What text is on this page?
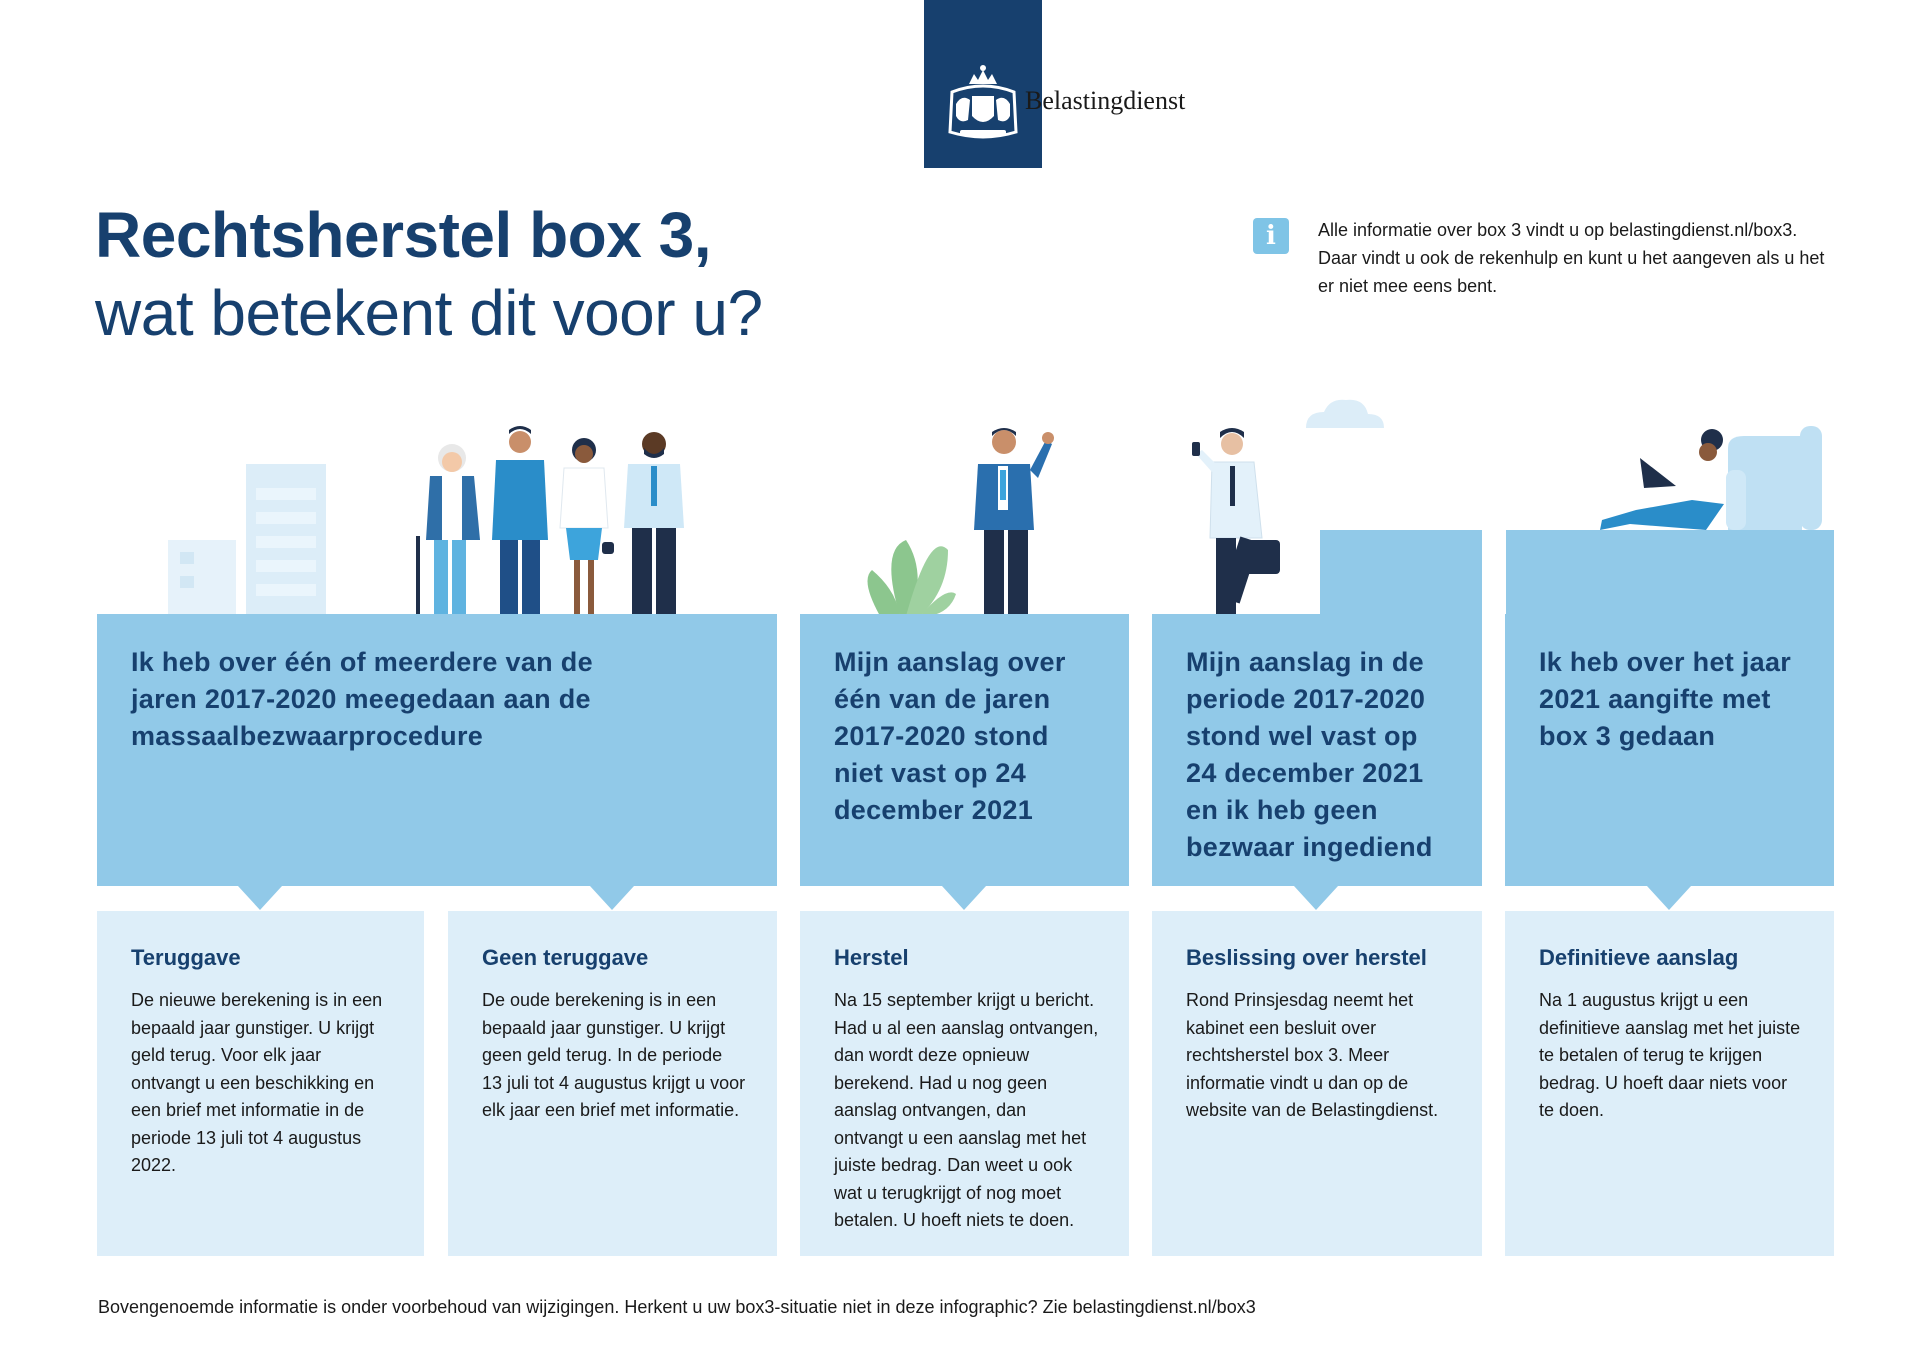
Belastingdienst
Rechtsherstel box 3,
wat betekent dit voor u?
i	Alle informatie over box 3 vindt u op belastingdienst.nl/box3. Daar vindt u ook de rekenhulp en kunt u het aangeven als u het er niet mee eens bent.
Ik heb over één of meerdere van de jaren 2017-2020 meegedaan aan de massaalbezwaarprocedure
Mijn aanslag over één van de jaren 2017-2020 stond niet vast op 24 december 2021
Mijn aanslag in de periode 2017-2020 stond wel vast op 24 december 2021 en ik heb geen bezwaar ingediend
Ik heb over het jaar 2021 aangifte met box 3 gedaan
Teruggave
De nieuwe berekening is in een bepaald jaar gunstiger. U krijgt geld terug. Voor elk jaar ontvangt u een beschikking en een brief met informatie in de periode 13 juli tot 4 augustus 2022.
Geen teruggave
De oude berekening is in een bepaald jaar gunstiger. U krijgt geen geld terug. In de periode 13 juli tot 4 augustus krijgt u voor elk jaar een brief met informatie.
Herstel
Na 15 september krijgt u bericht. Had u al een aanslag ontvangen, dan wordt deze opnieuw berekend. Had u nog geen aanslag ontvangen, dan ontvangt u een aanslag met het juiste bedrag. Dan weet u ook wat u terugkrijgt of nog moet betalen. U hoeft niets te doen.
Beslissing over herstel
Rond Prinsjesdag neemt het kabinet een besluit over rechtsherstel box 3. Meer informatie vindt u dan op de website van de Belastingdienst.
Definitieve aanslag
Na 1 augustus krijgt u een definitieve aanslag met het juiste te betalen of terug te krijgen bedrag. U hoeft daar niets voor te doen.
Bovengenoemde informatie is onder voorbehoud van wijzigingen. Herkent u uw box3-situatie niet in deze infographic? Zie belastingdienst.nl/box3
